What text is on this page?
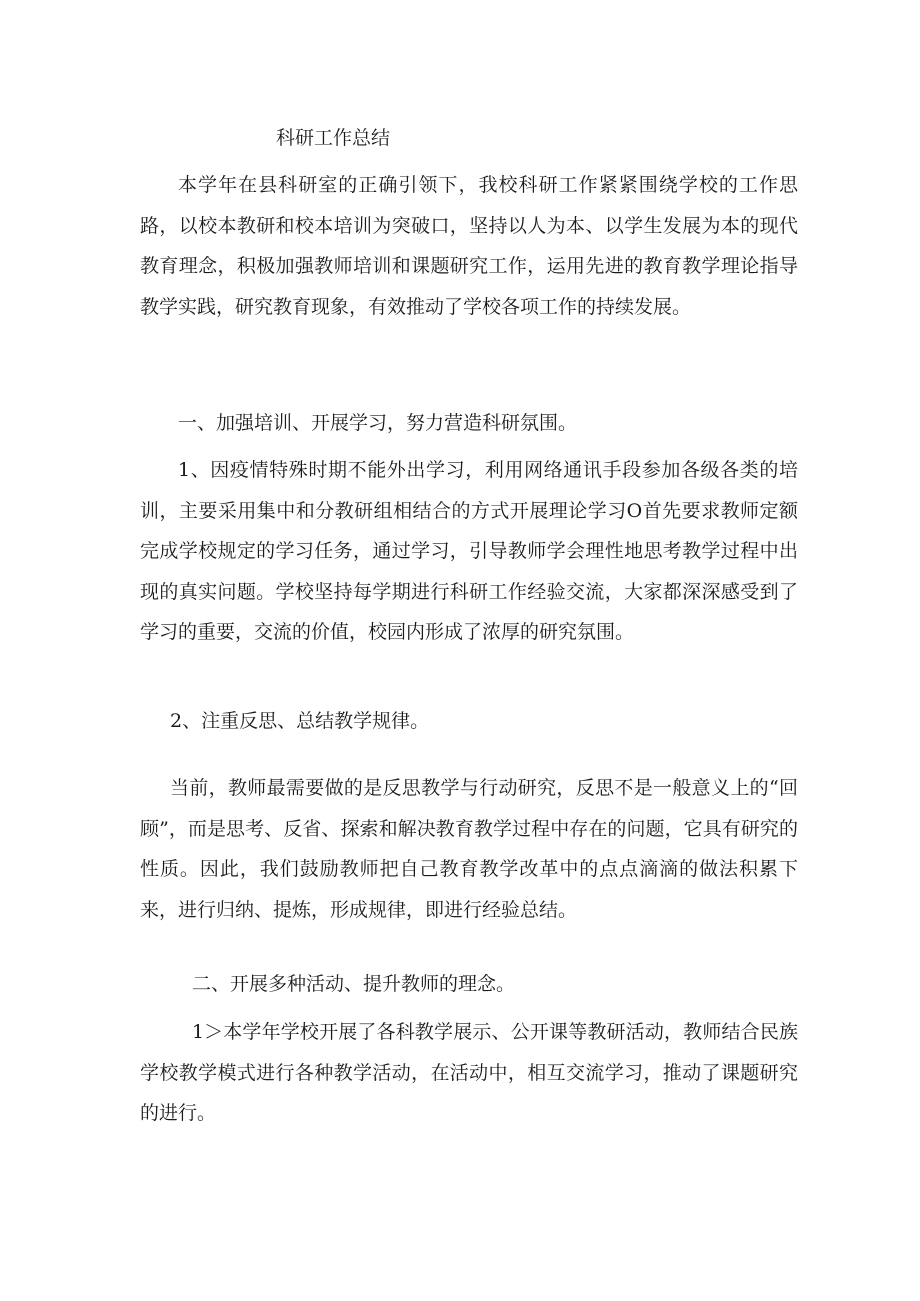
科研工作总结

本学年在县科研室的正确引领下，我校科研工作紧紧围绕学校的工作思路，以校本教研和校本培训为突破口，坚持以人为本、以学生发展为本的现代教育理念，积极加强教师培训和课题研究工作，运用先进的教育教学理论指导教学实践，研究教育现象，有效推动了学校各项工作的持续发展。

一、加强培训、开展学习，努力营造科研氛围。

1、因疫情特殊时期不能外出学习，利用网络通讯手段参加各级各类的培训，主要采用集中和分教研组相结合的方式开展理论学习O首先要求教师定额完成学校规定的学习任务，通过学习，引导教师学会理性地思考教学过程中出现的真实问题。学校坚持每学期进行科研工作经验交流，大家都深深感受到了学习的重要，交流的价值，校园内形成了浓厚的研究氛围。

2、注重反思、总结教学规律。

当前，教师最需要做的是反思教学与行动研究，反思不是一般意义上的“回顾”，而是思考、反省、探索和解决教育教学过程中存在的问题，它具有研究的性质。因此，我们鼓励教师把自己教育教学改革中的点点滴滴的做法积累下来，进行归纳、提炼，形成规律，即进行经验总结。

二、开展多种活动、提升教师的理念。

1＞本学年学校开展了各科教学展示、公开课等教研活动，教师结合民族学校教学模式进行各种教学活动，在活动中，相互交流学习，推动了课题研究的进行。
